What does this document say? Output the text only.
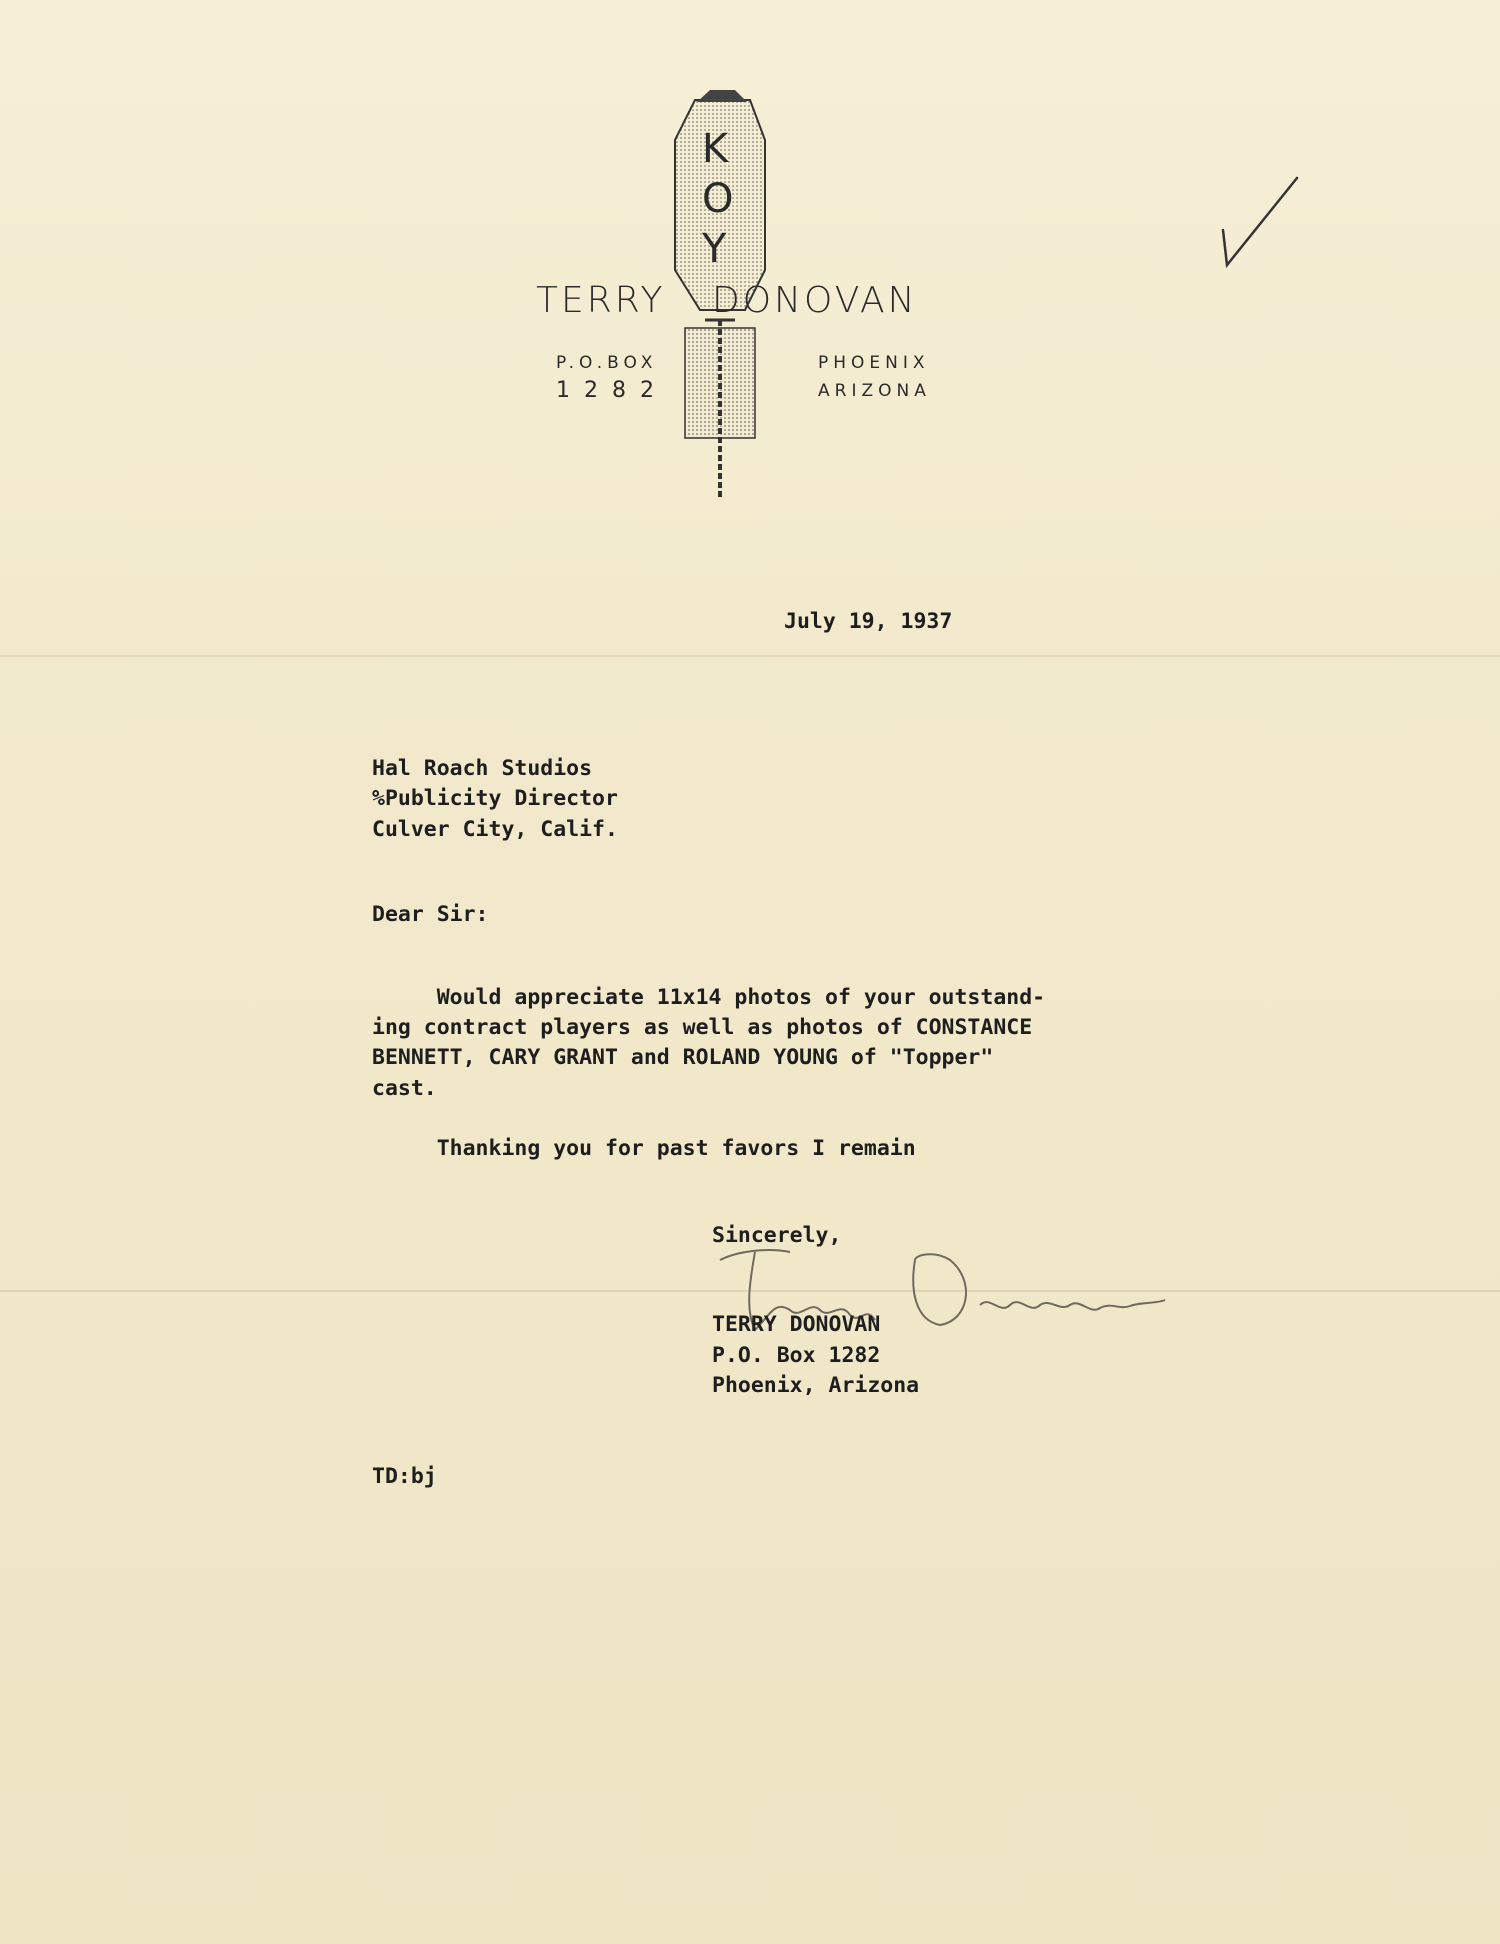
K
O
Y
TERRY DONOVAN
P.O.BOX
1282
PHOENIX
ARIZONA
July 19, 1937
Hal Roach Studios
%Publicity Director
Culver City, Calif.
Dear Sir:
Would appreciate 11x14 photos of your outstand-
ing contract players as well as photos of CONSTANCE
BENNETT, CARY GRANT and ROLAND YOUNG of "Topper"
cast.
Thanking you for past favors I remain
Sincerely,
TERRY DONOVAN
P.O. Box 1282
Phoenix, Arizona
TD:bj
